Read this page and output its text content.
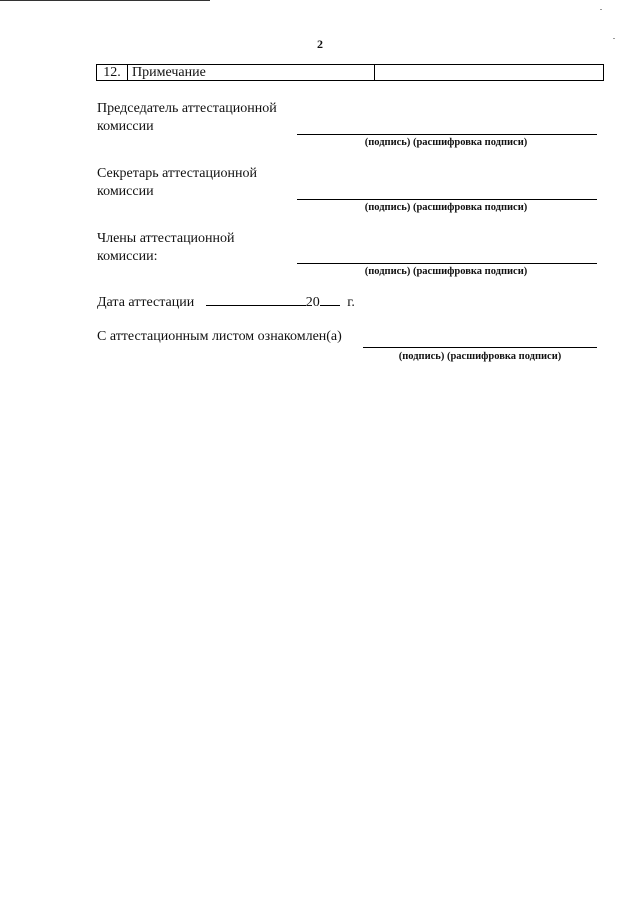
2
12.	Примечание	
Председатель аттестационной
комиссии
(подпись) (расшифровка подписи)
Секретарь аттестационной
комиссии
(подпись) (расшифровка подписи)
Члены аттестационной
комиссии:
(подпись) (расшифровка подписи)
Дата аттестации	20 г.
С аттестационным листом ознакомлен(а)
(подпись) (расшифровка подписи)
